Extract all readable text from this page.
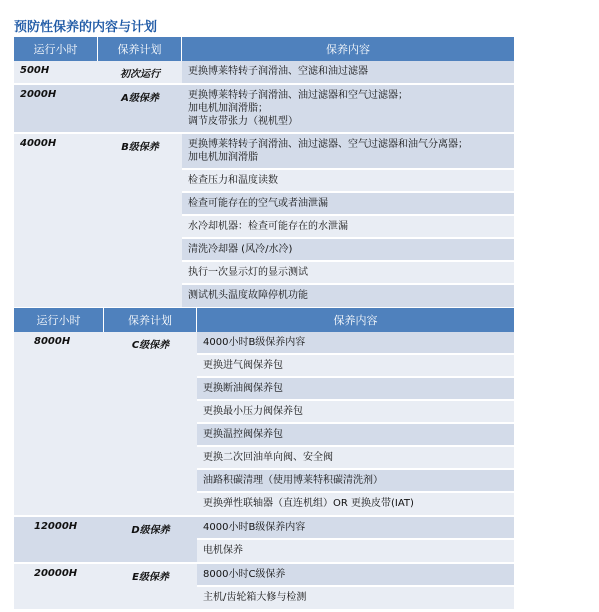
预防性保养的内容与计划
运行小时	保养计划	保养内容
500H	初次运行	更换博莱特转子润滑油、空滤和油过滤器
2000H	A级保养	更换博莱特转子润滑油、油过滤器和空气过滤器；
加电机加润滑脂；
调节皮带张力（视机型）
4000H	B级保养	更换博莱特转子润滑油、油过滤器、空气过滤器和油气分离器；
加电机加润滑脂
检查压力和温度读数
检查可能存在的空气或者油泄漏
水冷却机器：检查可能存在的水泄漏
清洗冷却器 (风冷/水冷)
执行一次显示灯的显示测试
测试机头温度故障停机功能
运行小时	保养计划	保养内容
8000H	C级保养	4000小时B级保养内容
更换进气阀保养包
更换断油阀保养包
更换最小压力阀保养包
更换温控阀保养包
更换二次回油单向阀、安全阀
油路积碳清理（使用博莱特积碳清洗剂）
更换弹性联轴器（直连机组）OR 更换皮带(IAT)
12000H	D级保养	4000小时B级保养内容
电机保养
20000H	E级保养	8000小时C级保养
主机/齿轮箱大修与检测
